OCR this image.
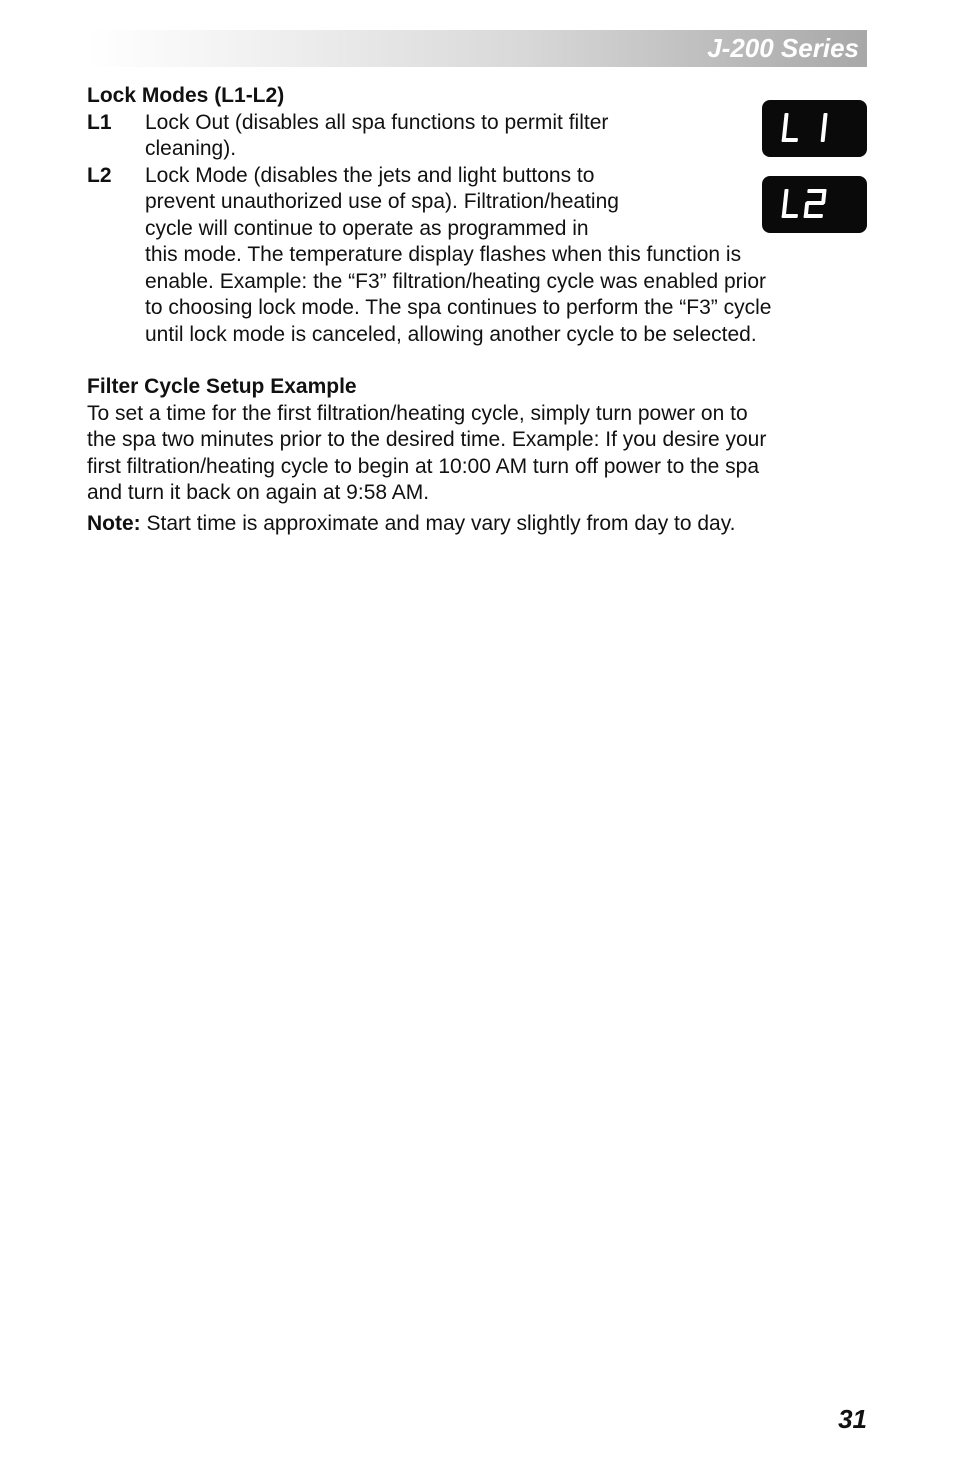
J-200 Series

Lock Modes (L1-L2)

L1 Lock Out (disables all spa functions to permit filter
cleaning).
L2 Lock Mode (disables the jets and light buttons to
prevent unauthorized use of spa). Filtration/heating
cycle will continue to operate as programmed in
this mode. The temperature display flashes when this function is
enable. Example: the “F3” filtration/heating cycle was enabled prior
to choosing lock mode. The spa continues to perform the “F3” cycle
until lock mode is canceled, allowing another cycle to be selected.

Filter Cycle Setup Example

To set a time for the first filtration/heating cycle, simply turn power on to
the spa two minutes prior to the desired time. Example: If you desire your
first filtration/heating cycle to begin at 10:00 AM turn off power to the spa
and turn it back on again at 9:58 AM.
Note: Start time is approximate and may vary slightly from day to day.
31
